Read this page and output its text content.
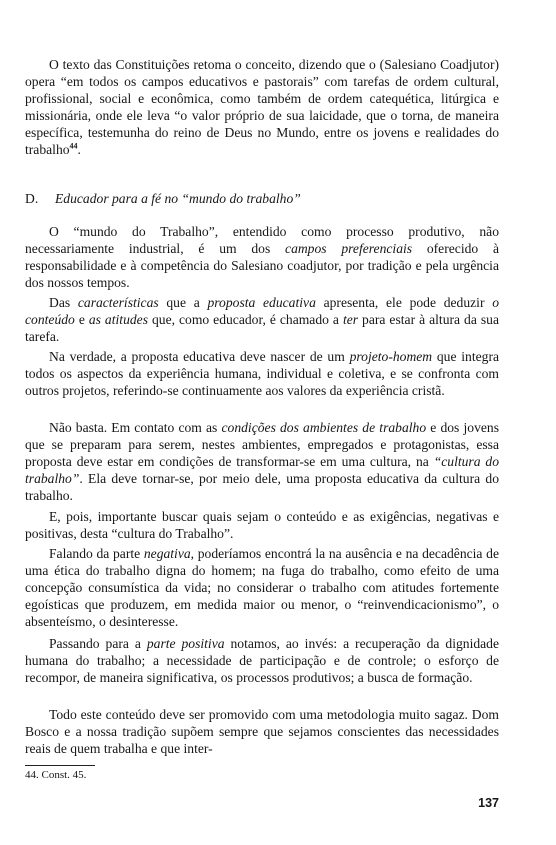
O texto das Constituições retoma o conceito, dizendo que o (Salesiano Coadjutor) opera “em todos os campos educativos e pastorais” com tarefas de ordem cultural, profissional, social e econômica, como também de ordem catequética, litúrgica e missionária, onde ele leva “o valor próprio de sua laicidade, que o torna, de maneira específica, testemunha do reino de Deus no Mundo, entre os jovens e realidades do trabalho$^{44}$.

D. Educador para a fé no “mundo do trabalho”

O “mundo do Trabalho”, entendido como processo produtivo, não necessariamente industrial, é um dos campos preferenciais oferecido à responsabilidade e à competência do Salesiano coadjutor, por tradição e pela urgência dos nossos tempos.

Das características que a proposta educativa apresenta, ele pode deduzir o conteúdo e as atitudes que, como educador, é chamado a ter para estar à altura da sua tarefa.

Na verdade, a proposta educativa deve nascer de um projeto-homem que integra todos os aspectos da experiência humana, individual e coletiva, e se confronta com outros projetos, referindo-se continuamente aos valores da experiência cristã.

Não basta. Em contato com as condições dos ambientes de trabalho e dos jovens que se preparam para serem, nestes ambientes, empregados e protagonistas, essa proposta deve estar em condições de transformar-se em uma cultura, na “cultura do trabalho”. Ela deve tornar-se, por meio dele, uma proposta educativa da cultura do trabalho.

E, pois, importante buscar quais sejam o conteúdo e as exigências, negativas e positivas, desta “cultura do Trabalho”.

Falando da parte negativa, poderíamos encontrá la na ausência e na decadência de uma ética do trabalho digna do homem; na fuga do trabalho, como efeito de uma concepção consumística da vida; no considerar o trabalho com atitudes fortemente egoísticas que produzem, em medida maior ou menor, o “reinvendicacionismo”, o absenteísmo, o desinteresse.

Passando para a parte positiva notamos, ao invés: a recuperação da dignidade humana do trabalho; a necessidade de participação e de controle; o esforço de recompor, de maneira significativa, os processos produtivos; a busca de formação.

Todo este conteúdo deve ser promovido com uma metodologia muito sagaz. Dom Bosco e a nossa tradição supõem sempre que sejamos conscientes das necessidades reais de quem trabalha e que inter-

44. Const. 45.

137
